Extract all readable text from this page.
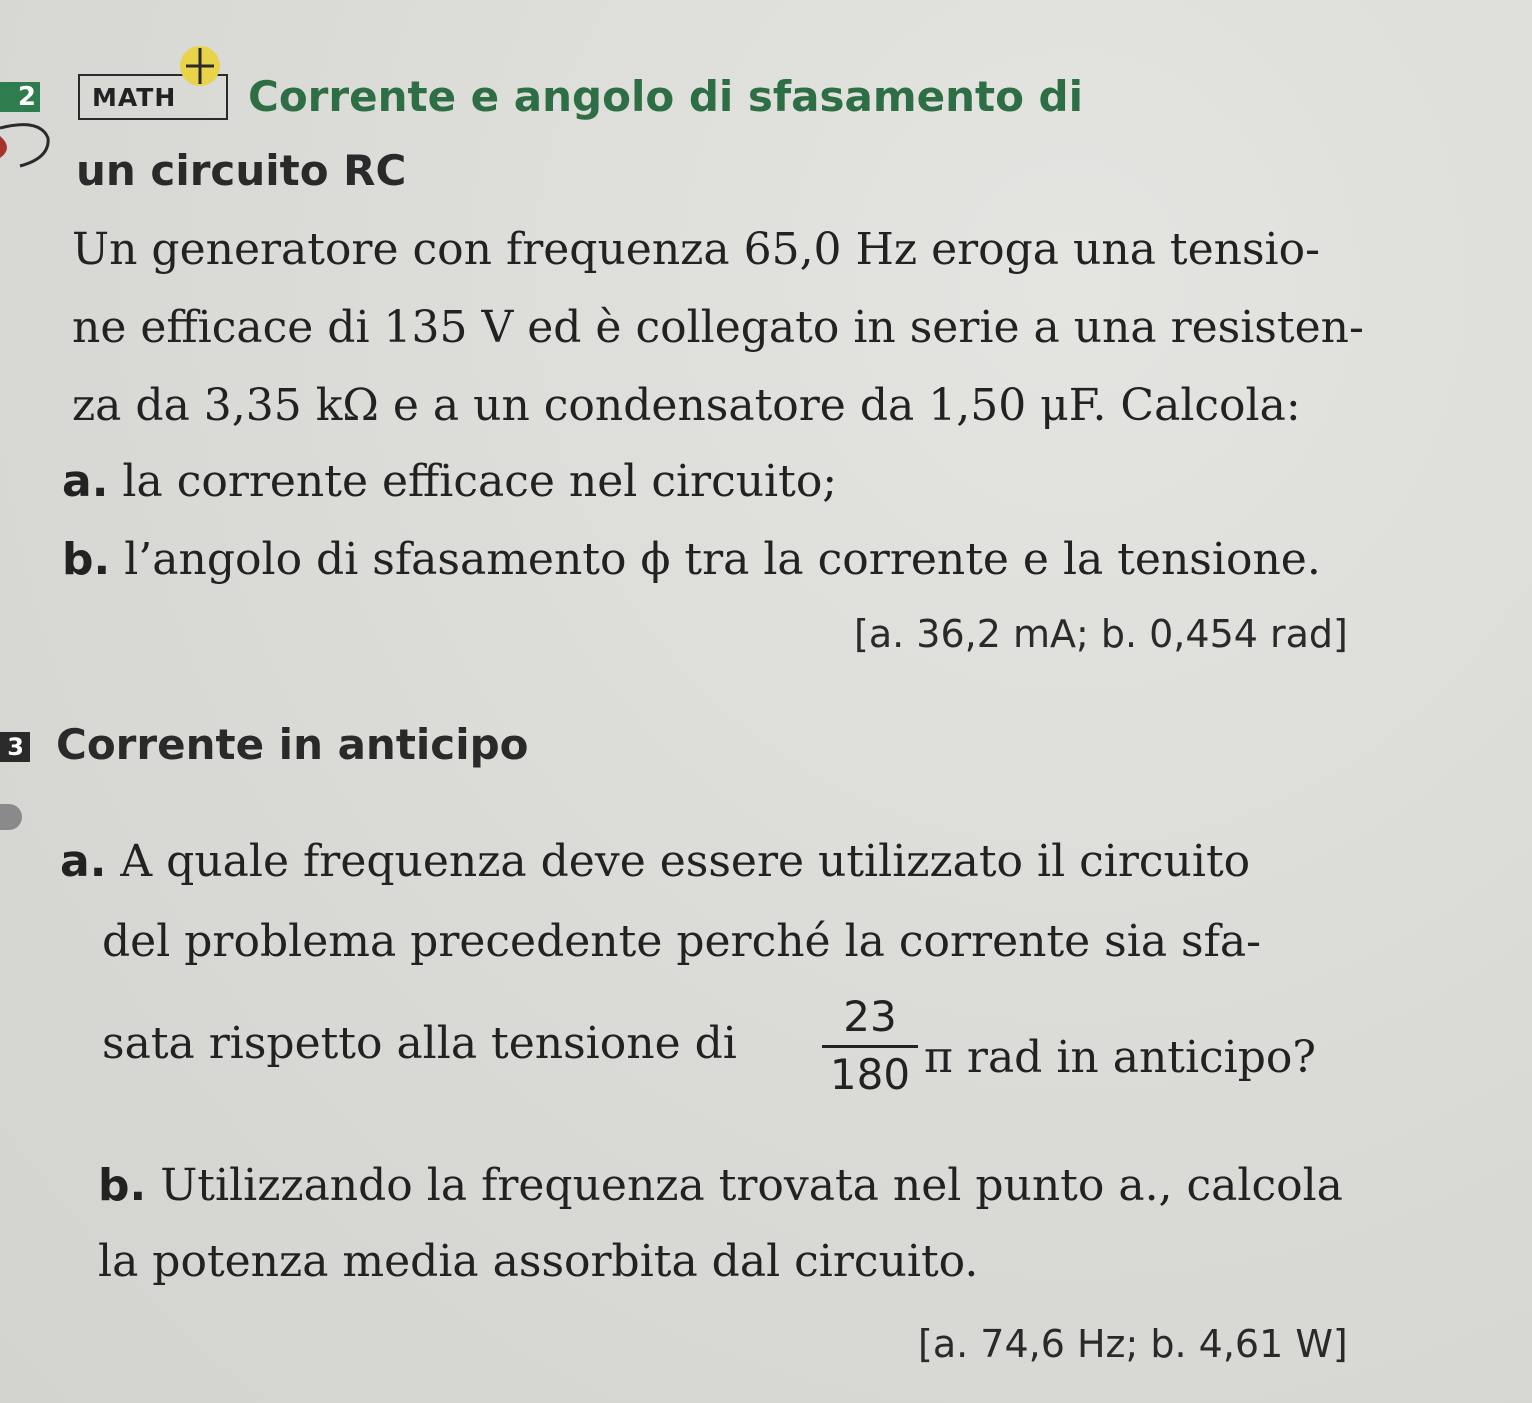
2	MATH	Corrente e angolo di sfasamento di
un circuito RC
Un generatore con frequenza 65,0 Hz eroga una tensio-
ne efficace di 135 V ed è collegato in serie a una resisten-
za da 3,35 kΩ e a un condensatore da 1,50 μF. Calcola:
a. la corrente efficace nel circuito;
b. l’angolo di sfasamento ϕ tra la corrente e la tensione.
[a. 36,2 mA; b. 0,454 rad]
3 Corrente in anticipo
a. A quale frequenza deve essere utilizzato il circuito
del problema precedente perché la corrente sia sfa-
sata rispetto alla tensione di
23
180 π rad in anticipo?
b. Utilizzando la frequenza trovata nel punto a., calcola
la potenza media assorbita dal circuito.
[a. 74,6 Hz; b. 4,61 W]
